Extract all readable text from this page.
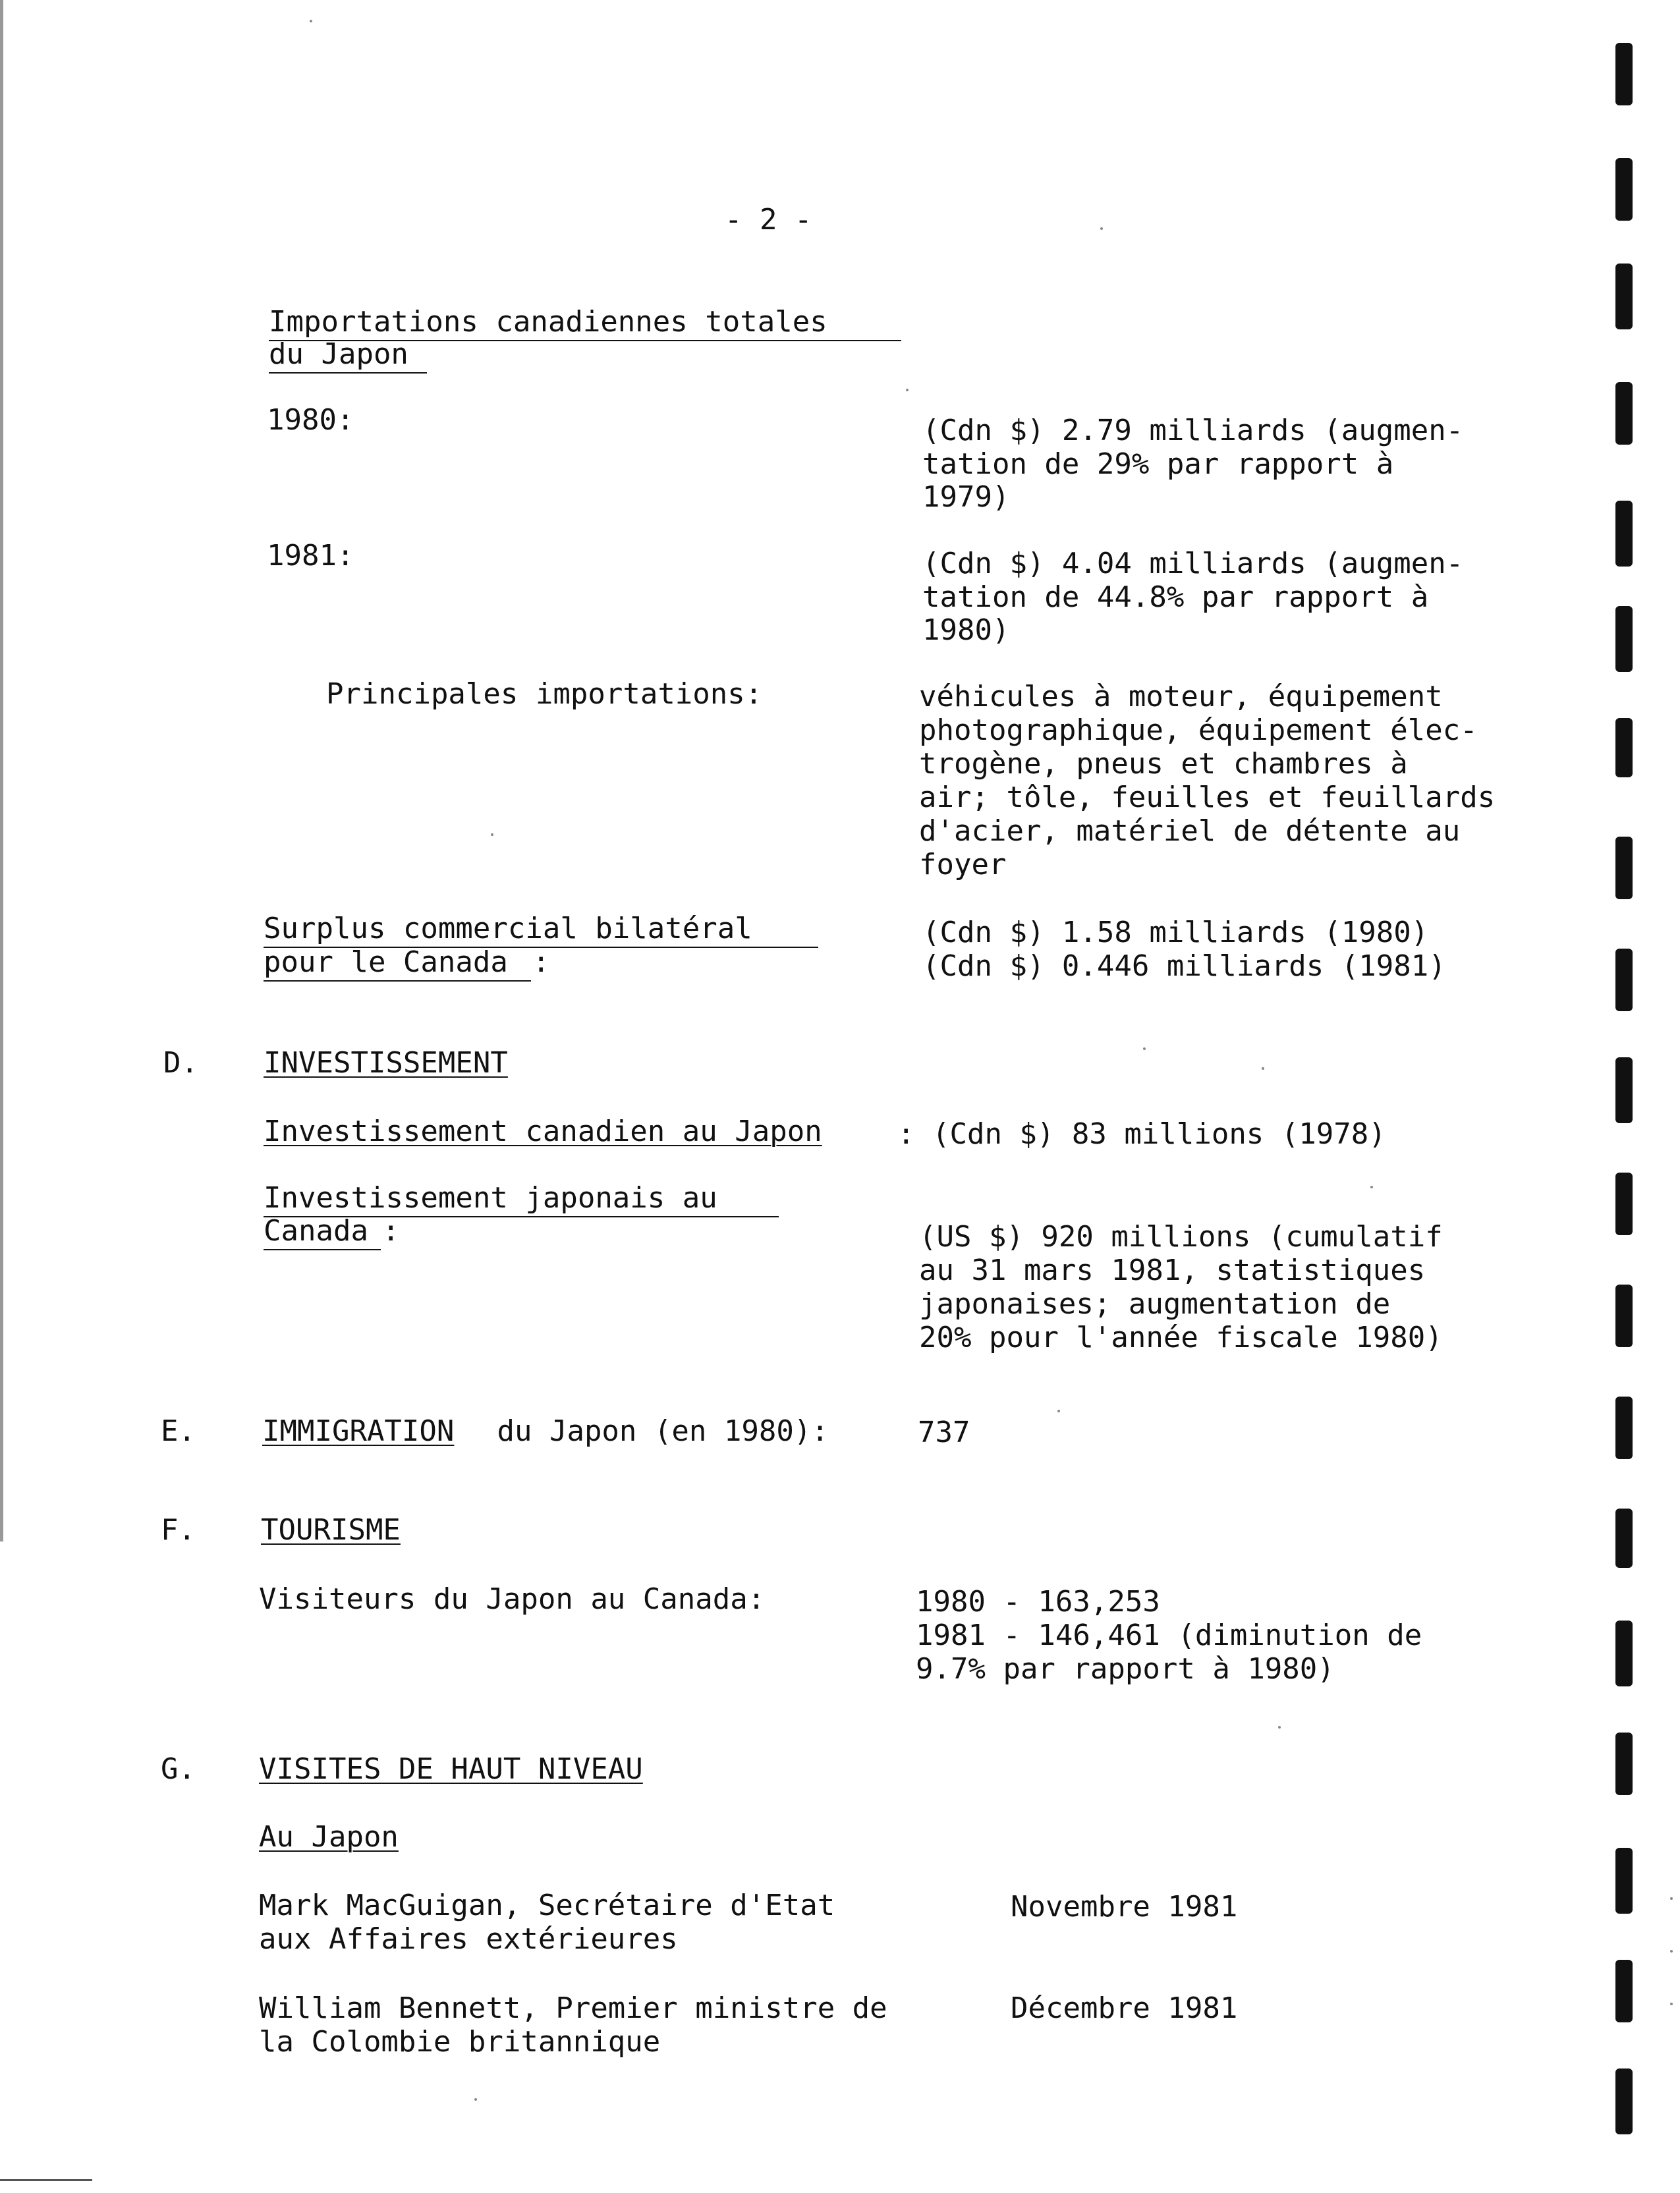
- 2 -
Importations canadiennes totales
du Japon
1980:	(Cdn $) 2.79 milliards (augmen-
tation de 29% par rapport à
1979)
1981:	(Cdn $) 4.04 milliards (augmen-
tation de 44.8% par rapport à
1980)
Principales importations:	véhicules à moteur, équipement
photographique, équipement élec-
trogène, pneus et chambres à
air; tôle, feuilles et feuillards
d'acier, matériel de détente au
foyer
Surplus commercial bilatéral
pour le Canada :
(Cdn $) 1.58 milliards (1980)
(Cdn $) 0.446 milliards (1981)
D. INVESTISSEMENT
Investissement canadien au Japon	: (Cdn $) 83 millions (1978)
Investissement japonais au
Canada :	(US $) 920 millions (cumulatif
au 31 mars 1981, statistiques
japonaises; augmentation de
20% pour l'année fiscale 1980)
E. IMMIGRATION du Japon (en 1980):	737
F. TOURISME
Visiteurs du Japon au Canada:	1980 - 163,253
1981 - 146,461 (diminution de
9.7% par rapport à 1980)
G. VISITES DE HAUT NIVEAU
Au Japon
Mark MacGuigan, Secrétaire d'Etat
aux Affaires extérieures
Novembre 1981
William Bennett, Premier ministre de
la Colombie britannique
Décembre 1981
